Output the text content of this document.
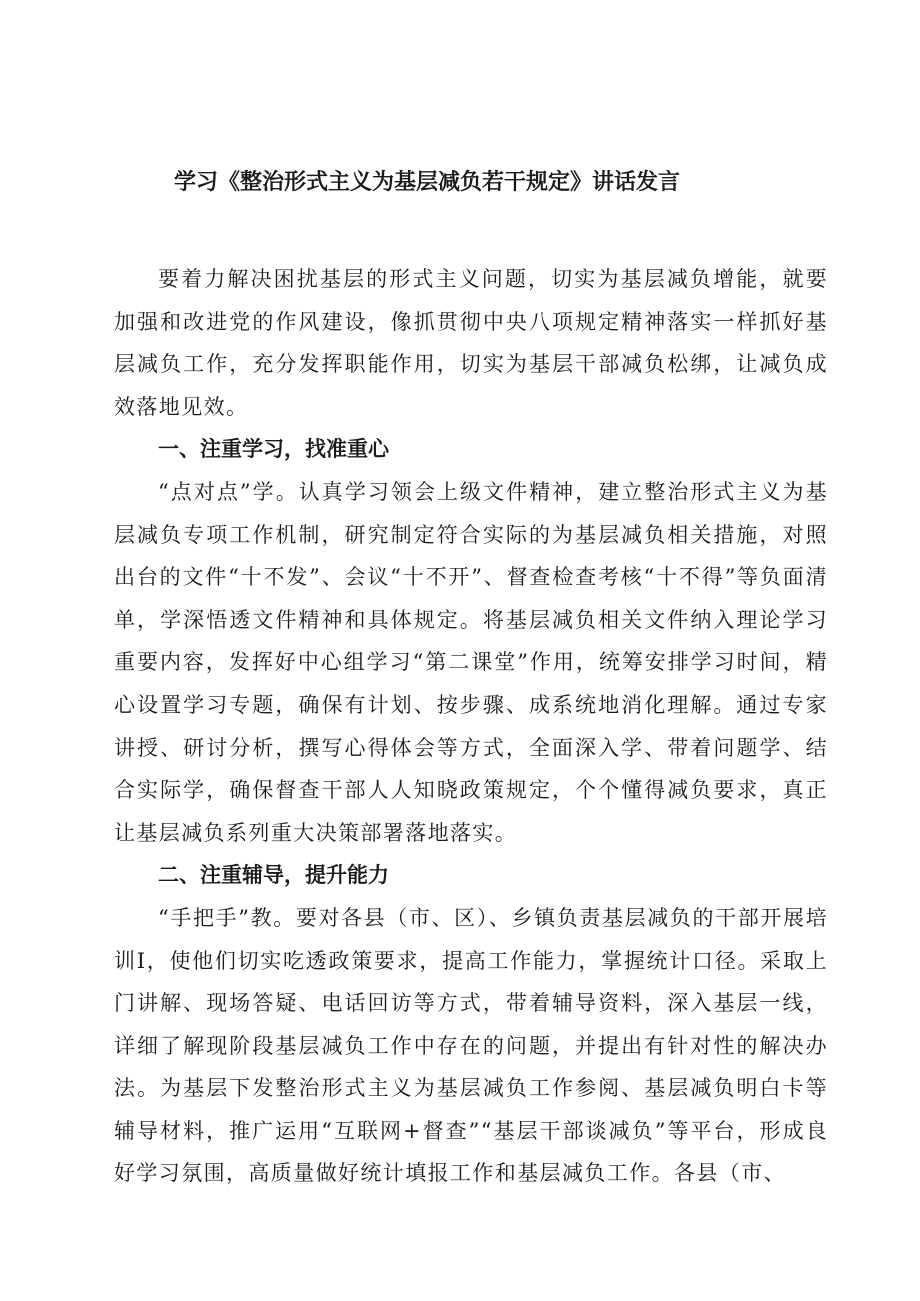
学习《整治形式主义为基层减负若干规定》讲话发言

要着力解决困扰基层的形式主义问题，切实为基层减负增能，就要加强和改进党的作风建设，像抓贯彻中央八项规定精神落实一样抓好基层减负工作，充分发挥职能作用，切实为基层干部减负松绑，让减负成效落地见效。

一、注重学习，找准重心

“点对点”学。认真学习领会上级文件精神，建立整治形式主义为基层减负专项工作机制，研究制定符合实际的为基层减负相关措施，对照出台的文件“十不发”、会议“十不开”、督查检查考核“十不得”等负面清单，学深悟透文件精神和具体规定。将基层减负相关文件纳入理论学习重要内容，发挥好中心组学习“第二课堂”作用，统筹安排学习时间，精心设置学习专题，确保有计划、按步骤、成系统地消化理解。通过专家讲授、研讨分析，撰写心得体会等方式，全面深入学、带着问题学、结合实际学，确保督查干部人人知晓政策规定，个个懂得减负要求，真正让基层减负系列重大决策部署落地落实。

二、注重辅导，提升能力

“手把手”教。要对各县（市、区）、乡镇负责基层减负的干部开展培训I，使他们切实吃透政策要求，提高工作能力，掌握统计口径。采取上门讲解、现场答疑、电话回访等方式，带着辅导资料，深入基层一线，详细了解现阶段基层减负工作中存在的问题，并提出有针对性的解决办法。为基层下发整治形式主义为基层减负工作参阅、基层减负明白卡等辅导材料，推广运用“互联网+督查”“基层干部谈减负”等平台，形成良好学习氛围，高质量做好统计填报工作和基层减负工作。各县（市、
